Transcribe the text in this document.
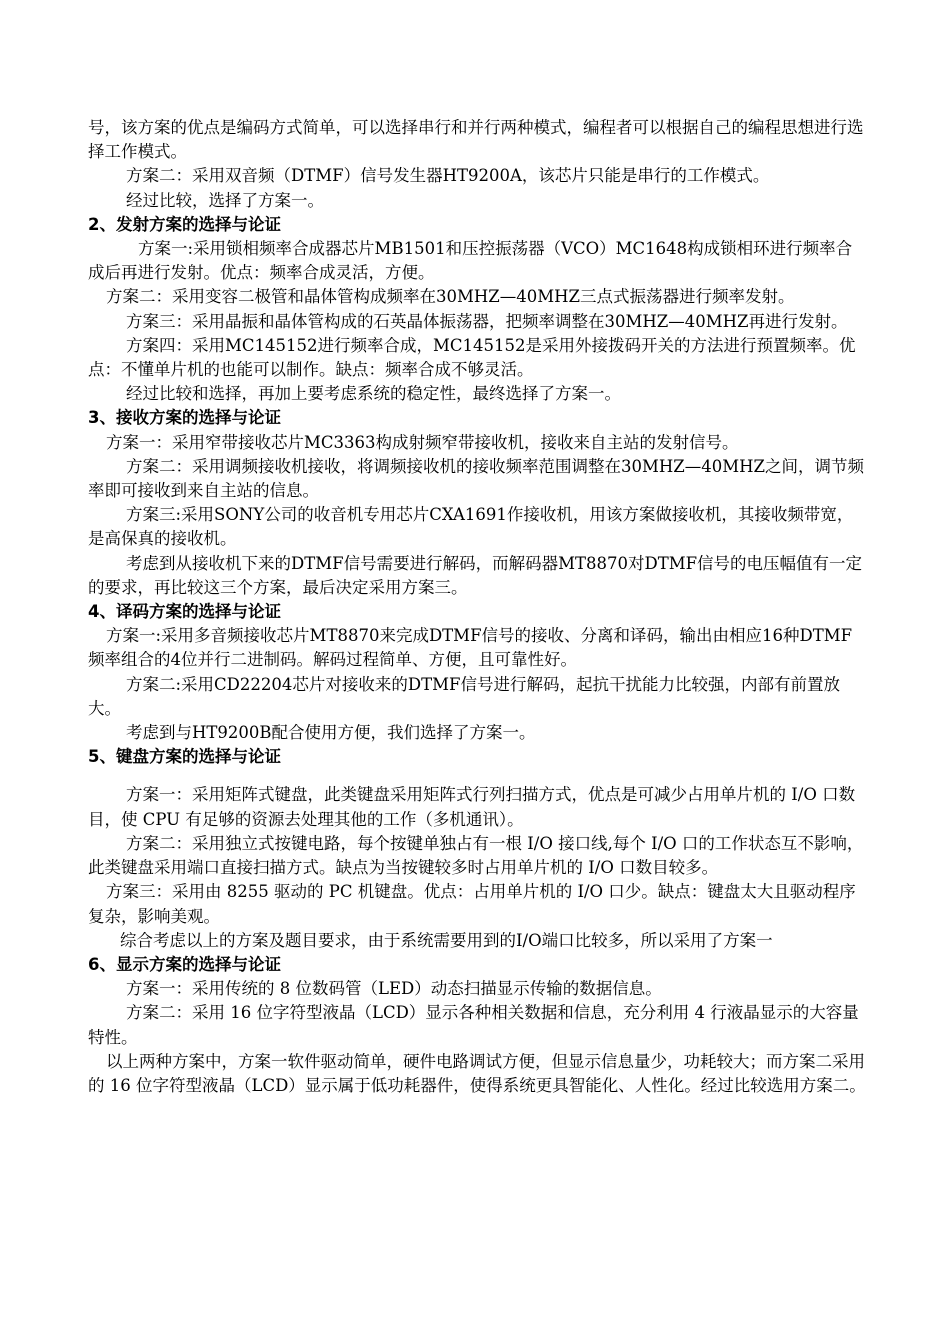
号，该方案的优点是编码方式简单，可以选择串行和并行两种模式，编程者可以根据自己的编程思想进行选择工作模式。

方案二：采用双音频（DTMF）信号发生器HT9200A，该芯片只能是串行的工作模式。

经过比较，选择了方案一。

2、发射方案的选择与论证

方案一:采用锁相频率合成器芯片MB1501和压控振荡器（VCO）MC1648构成锁相环进行频率合成后再进行发射。优点：频率合成灵活，方便。

方案二：采用变容二极管和晶体管构成频率在30MHZ—40MHZ三点式振荡器进行频率发射。

方案三：采用晶振和晶体管构成的石英晶体振荡器，把频率调整在30MHZ—40MHZ再进行发射。

方案四：采用MC145152进行频率合成，MC145152是采用外接拨码开关的方法进行预置频率。优点：不懂单片机的也能可以制作。缺点：频率合成不够灵活。

经过比较和选择，再加上要考虑系统的稳定性，最终选择了方案一。

3、接收方案的选择与论证

方案一：采用窄带接收芯片MC3363构成射频窄带接收机，接收来自主站的发射信号。

方案二：采用调频接收机接收，将调频接收机的接收频率范围调整在30MHZ—40MHZ之间，调节频率即可接收到来自主站的信息。

方案三:采用SONY公司的收音机专用芯片CXA1691作接收机，用该方案做接收机，其接收频带宽，是高保真的接收机。

考虑到从接收机下来的DTMF信号需要进行解码，而解码器MT8870对DTMF信号的电压幅值有一定的要求，再比较这三个方案，最后决定采用方案三。

4、译码方案的选择与论证

方案一:采用多音频接收芯片MT8870来完成DTMF信号的接收、分离和译码，输出由相应16种DTMF频率组合的4位并行二进制码。解码过程简单、方便，且可靠性好。

方案二:采用CD22204芯片对接收来的DTMF信号进行解码，起抗干扰能力比较强，内部有前置放大。

考虑到与HT9200B配合使用方便，我们选择了方案一。

5、键盘方案的选择与论证

方案一：采用矩阵式键盘，此类键盘采用矩阵式行列扫描方式，优点是可减少占用单片机的 I/O 口数目，使 CPU 有足够的资源去处理其他的工作（多机通讯）。

方案二：采用独立式按键电路，每个按键单独占有一根 I/O 接口线,每个 I/O 口的工作状态互不影响，此类键盘采用端口直接扫描方式。缺点为当按键较多时占用单片机的 I/O 口数目较多。

方案三：采用由 8255 驱动的 PC 机键盘。优点：占用单片机的 I/O 口少。缺点：键盘太大且驱动程序复杂，影响美观。

综合考虑以上的方案及题目要求，由于系统需要用到的I/O端口比较多，所以采用了方案一

6、显示方案的选择与论证

方案一：采用传统的 8 位数码管（LED）动态扫描显示传输的数据信息。

方案二：采用 16 位字符型液晶（LCD）显示各种相关数据和信息，充分利用 4 行液晶显示的大容量特性。

以上两种方案中，方案一软件驱动简单，硬件电路调试方便，但显示信息量少，功耗较大；而方案二采用的 16 位字符型液晶（LCD）显示属于低功耗器件，使得系统更具智能化、人性化。经过比较选用方案二。
